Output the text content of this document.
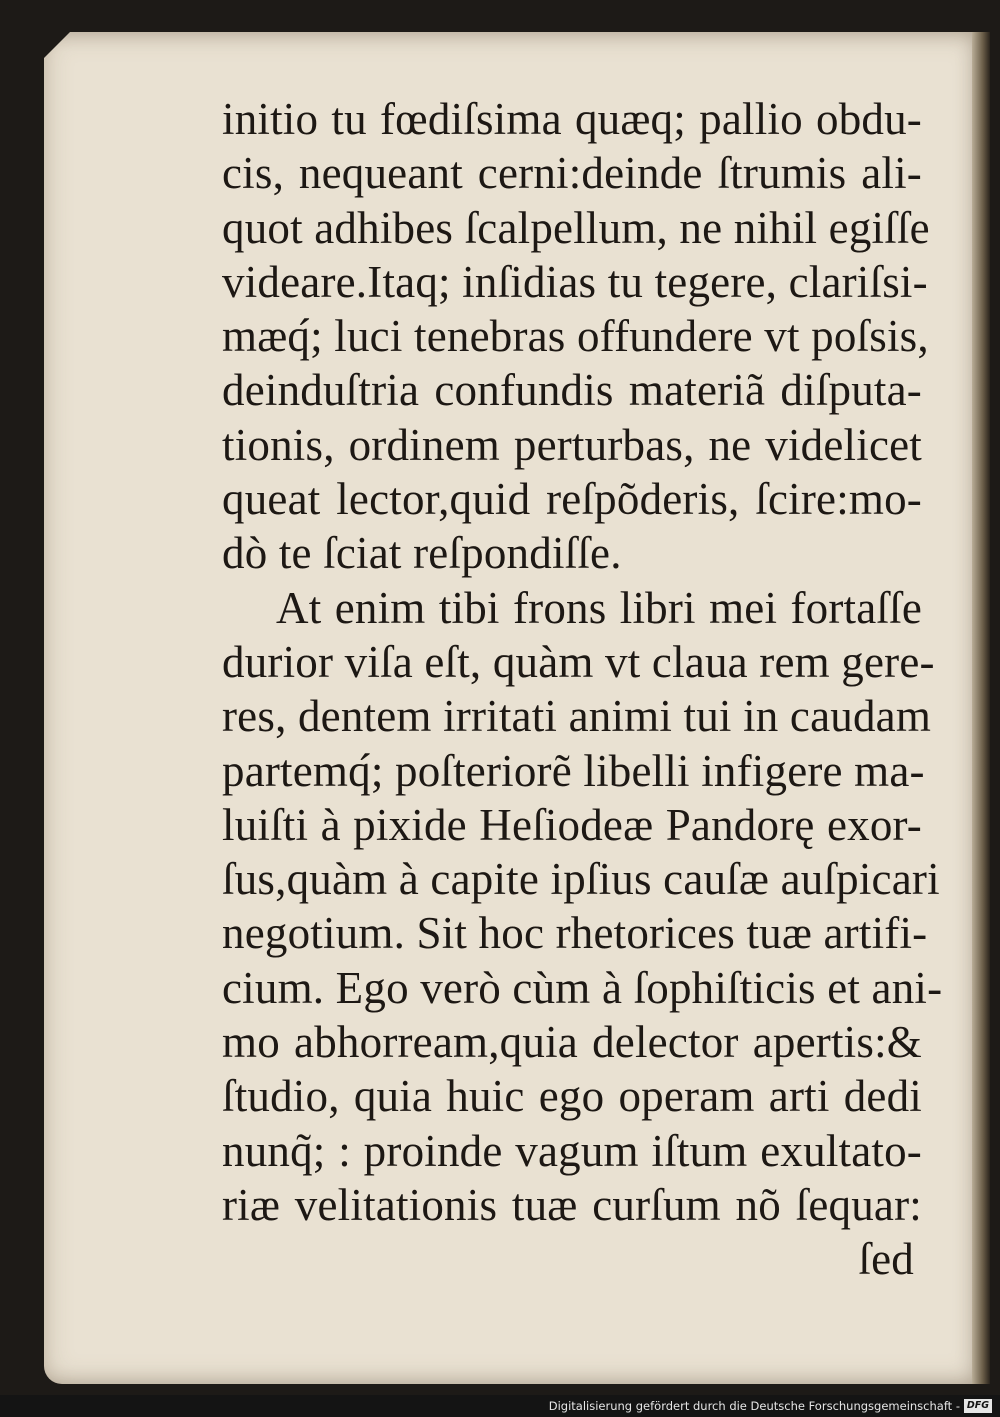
initio tu fœdiſsima quæq; pallio obdu-
cis, nequeant cerni:deinde ſtrumis ali-
quot adhibes ſcalpellum, ne nihil egiſſe
videare.Itaq; inſidias tu tegere, clariſsi-
mæq́; luci tenebras offundere vt poſsis,
deinduſtria confundis materiã diſputa-
tionis, ordinem perturbas, ne videlicet
queat lector,quid reſpõderis, ſcire:mo-
dò te ſciat reſpondiſſe.
At enim tibi frons libri mei fortaſſe
durior viſa eſt, quàm vt claua rem gere-
res, dentem irritati animi tui in caudam
partemq́; poſteriorẽ libelli infigere ma-
luiſti à pixide Heſiodeæ Pandorę exor-
ſus,quàm à capite ipſius cauſæ auſpicari
negotium. Sit hoc rhetorices tuæ artifi-
cium. Ego verò cùm à ſophiſticis et ani-
mo abhorream,quia delector apertis:&
ſtudio, quia huic ego operam arti dedi
nunq̃; : proinde vagum iſtum exultato-
riæ velitationis tuæ curſum nõ ſequar:
ſed
Digitalisierung gefördert durch die Deutsche Forschungsgemeinschaft - DFG
